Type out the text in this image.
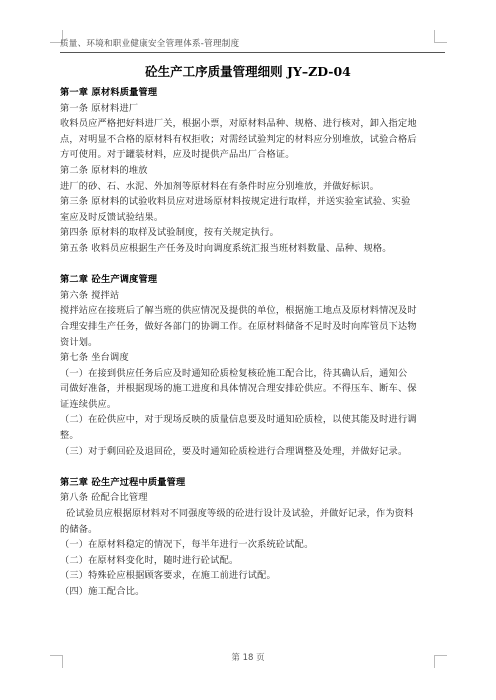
质量、环境和职业健康安全管理体系-管理制度
砼生产工序质量管理细则 JY–ZD-04
第一章 原材料质量管理
第一条 原材料进厂
收料员应严格把好料进厂关，根据小票，对原材料品种、规格、进行核对，卸入指定地
点，对明显不合格的原材料有权拒收；对需经试验判定的材料应分别堆放，试验合格后
方可使用。对于罐装材料，应及时提供产品出厂合格证。
第二条 原材料的堆放
进厂的砂、石、水泥、外加剂等原材料在有条件时应分别堆放，并做好标识。
第三条 原材料的试验收料员应对进场原材料按规定进行取样，并送实验室试验、实验
室应及时反馈试验结果。
第四条 原材料的取样及试验制度，按有关规定执行。
第五条 收料员应根据生产任务及时向调度系统汇报当班材料数量、品种、规格。
第二章 砼生产调度管理
第六条 搅拌站
搅拌站应在接班后了解当班的供应情况及提供的单位，根据施工地点及原材料情况及时
合理安排生产任务，做好各部门的协调工作。在原材料储备不足时及时向库管员下达物
资计划。
第七条 坐台调度
（一）在接到供应任务后应及时通知砼质检复核砼施工配合比，待其确认后，通知公
司做好准备，并根据现场的施工进度和具体情况合理安排砼供应。不得压车、断车、保
证连续供应。
（二）在砼供应中，对于现场反映的质量信息要及时通知砼质检，以使其能及时进行调
整。
（三）对于剩回砼及退回砼，要及时通知砼质检进行合理调整及处理，并做好记录。
第三章 砼生产过程中质量管理
第八条 砼配合比管理
砼试验员应根据原材料对不同强度等级的砼进行设计及试验，并做好记录，作为资料
的储备。
（一）在原材料稳定的情况下，每半年进行一次系统砼试配。
（二）在原材料变化时，随时进行砼试配。
（三）特殊砼应根据顾客要求，在施工前进行试配。
（四）施工配合比。
第 18 页
